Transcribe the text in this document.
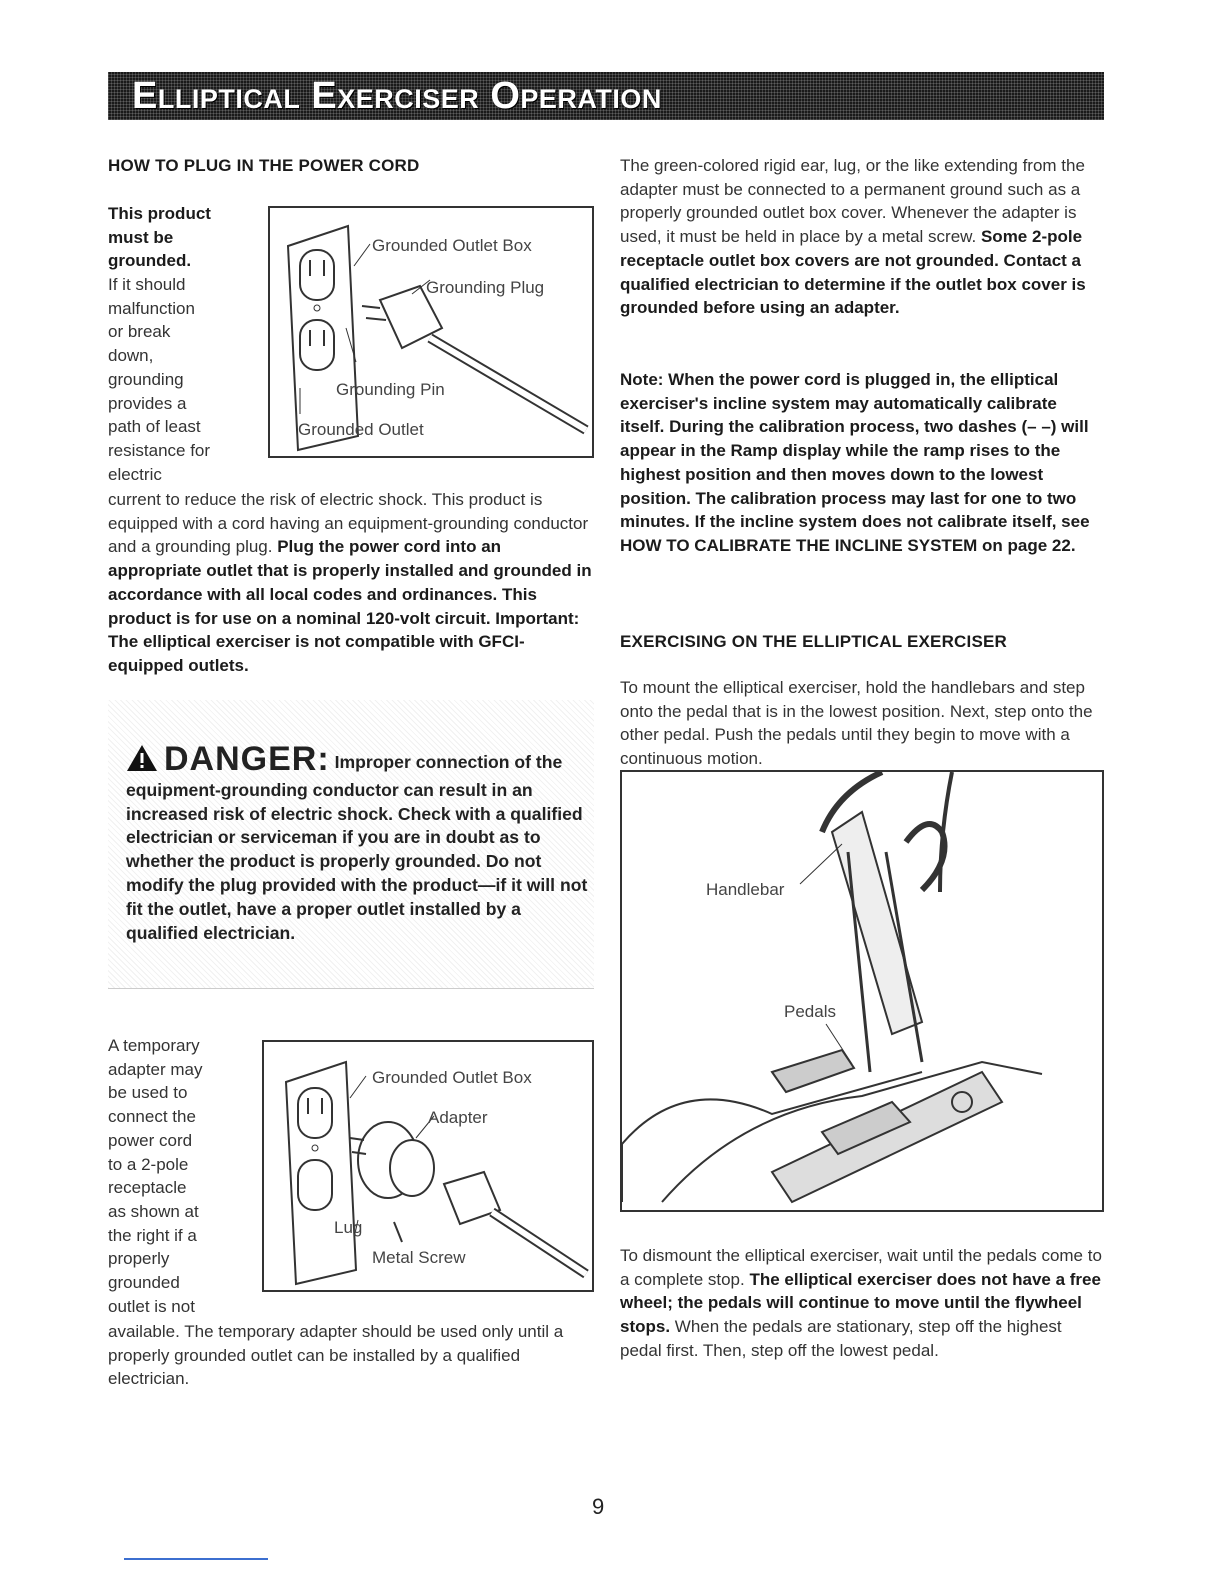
Elliptical Exerciser Operation
HOW TO PLUG IN THE POWER CORD
This product
must be
grounded.
If it should
malfunction
or break
down,
grounding
provides a
path of least
resistance for
electric
Grounded Outlet Box
Grounding Plug
Grounding Pin
Grounded Outlet

current to reduce the risk of electric shock. This product is equipped with a cord having an equipment-grounding conductor and a grounding plug. Plug the power cord into an appropriate outlet that is properly installed and grounded in accordance with all local codes and ordinances. This product is for use on a nominal 120-volt circuit. Important: The elliptical exerciser is not compatible with GFCI-equipped outlets.

DANGER: Improper connection of the equipment-grounding conductor can result in an increased risk of electric shock. Check with a qualified electrician or serviceman if you are in doubt as to whether the product is properly grounded. Do not modify the plug provided with the product—if it will not fit the outlet, have a proper outlet installed by a qualified electrician.

A temporary
adapter may
be used to
connect the
power cord
to a 2-pole
receptacle
as shown at
the right if a
properly
grounded
outlet is not
Grounded Outlet Box
Adapter
Lug
Metal Screw

available. The temporary adapter should be used only until a properly grounded outlet can be installed by a qualified electrician.

The green-colored rigid ear, lug, or the like extending from the adapter must be connected to a permanent ground such as a properly grounded outlet box cover. Whenever the adapter is used, it must be held in place by a metal screw. Some 2-pole receptacle outlet box covers are not grounded. Contact a qualified electrician to determine if the outlet box cover is grounded before using an adapter.

Note: When the power cord is plugged in, the elliptical exerciser's incline system may automatically calibrate itself. During the calibration process, two dashes (– –) will appear in the Ramp display while the ramp rises to the highest position and then moves down to the lowest position. The calibration process may last for one to two minutes. If the incline system does not calibrate itself, see HOW TO CALIBRATE THE INCLINE SYSTEM on page 22.

EXERCISING ON THE ELLIPTICAL EXERCISER

To mount the elliptical exerciser, hold the handlebars and step onto the pedal that is in the lowest position. Next, step onto the other pedal. Push the pedals until they begin to move with a continuous motion.

Handlebar
Pedals

To dismount the elliptical exerciser, wait until the pedals come to a complete stop. The elliptical exerciser does not have a free wheel; the pedals will continue to move until the flywheel stops. When the pedals are stationary, step off the highest pedal first. Then, step off the lowest pedal.

9
